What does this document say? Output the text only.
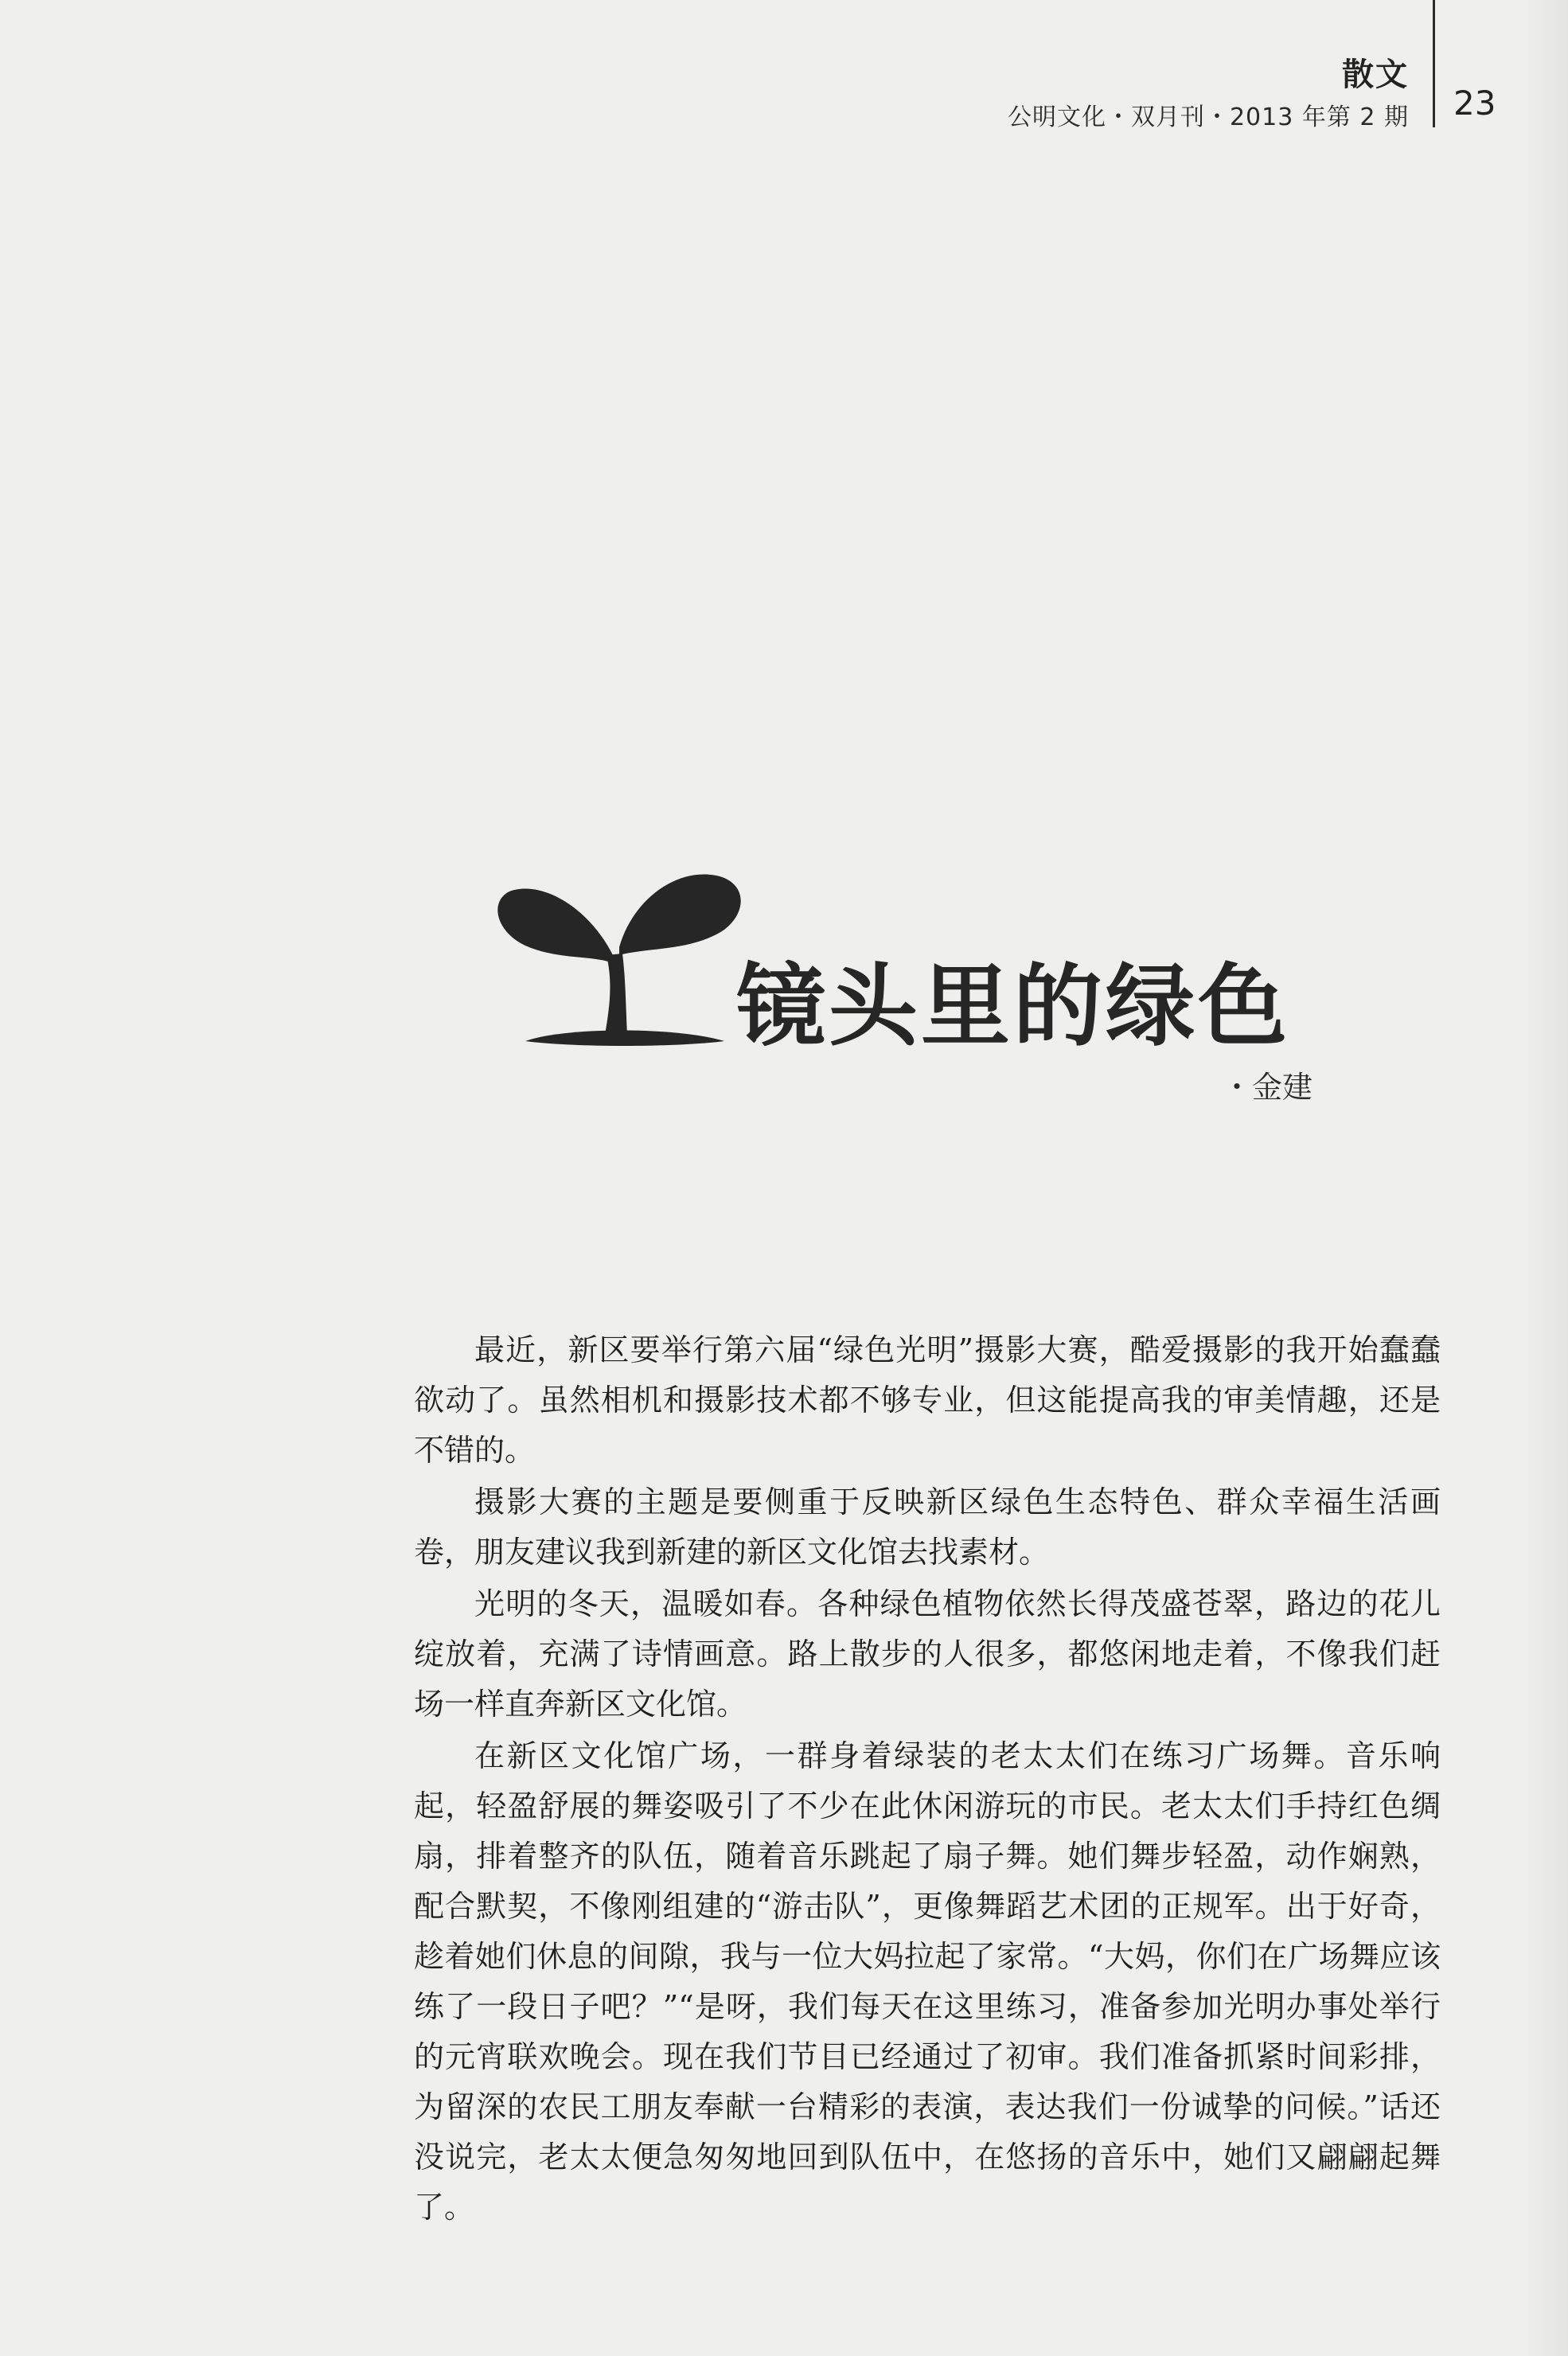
散文
公明文化・双月刊・2013 年第 2 期 23
镜头里的绿色
・金建

最近，新区要举行第六届“绿色光明”摄影大赛，酷爱摄影的我开始蠢蠢欲动了。虽然相机和摄影技术都不够专业，但这能提高我的审美情趣，还是不错的。

摄影大赛的主题是要侧重于反映新区绿色生态特色、群众幸福生活画卷，朋友建议我到新建的新区文化馆去找素材。

光明的冬天，温暖如春。各种绿色植物依然长得茂盛苍翠，路边的花儿绽放着，充满了诗情画意。路上散步的人很多，都悠闲地走着，不像我们赶场一样直奔新区文化馆。

在新区文化馆广场，一群身着绿装的老太太们在练习广场舞。音乐响起，轻盈舒展的舞姿吸引了不少在此休闲游玩的市民。老太太们手持红色绸扇，排着整齐的队伍，随着音乐跳起了扇子舞。她们舞步轻盈，动作娴熟，配合默契，不像刚组建的“游击队”，更像舞蹈艺术团的正规军。出于好奇，趁着她们休息的间隙，我与一位大妈拉起了家常。“大妈，你们在广场舞应该练了一段日子吧？”“是呀，我们每天在这里练习，准备参加光明办事处举行的元宵联欢晚会。现在我们节目已经通过了初审。我们准备抓紧时间彩排，为留深的农民工朋友奉献一台精彩的表演，表达我们一份诚挚的问候。”话还没说完，老太太便急匆匆地回到队伍中，在悠扬的音乐中，她们又翩翩起舞了。
